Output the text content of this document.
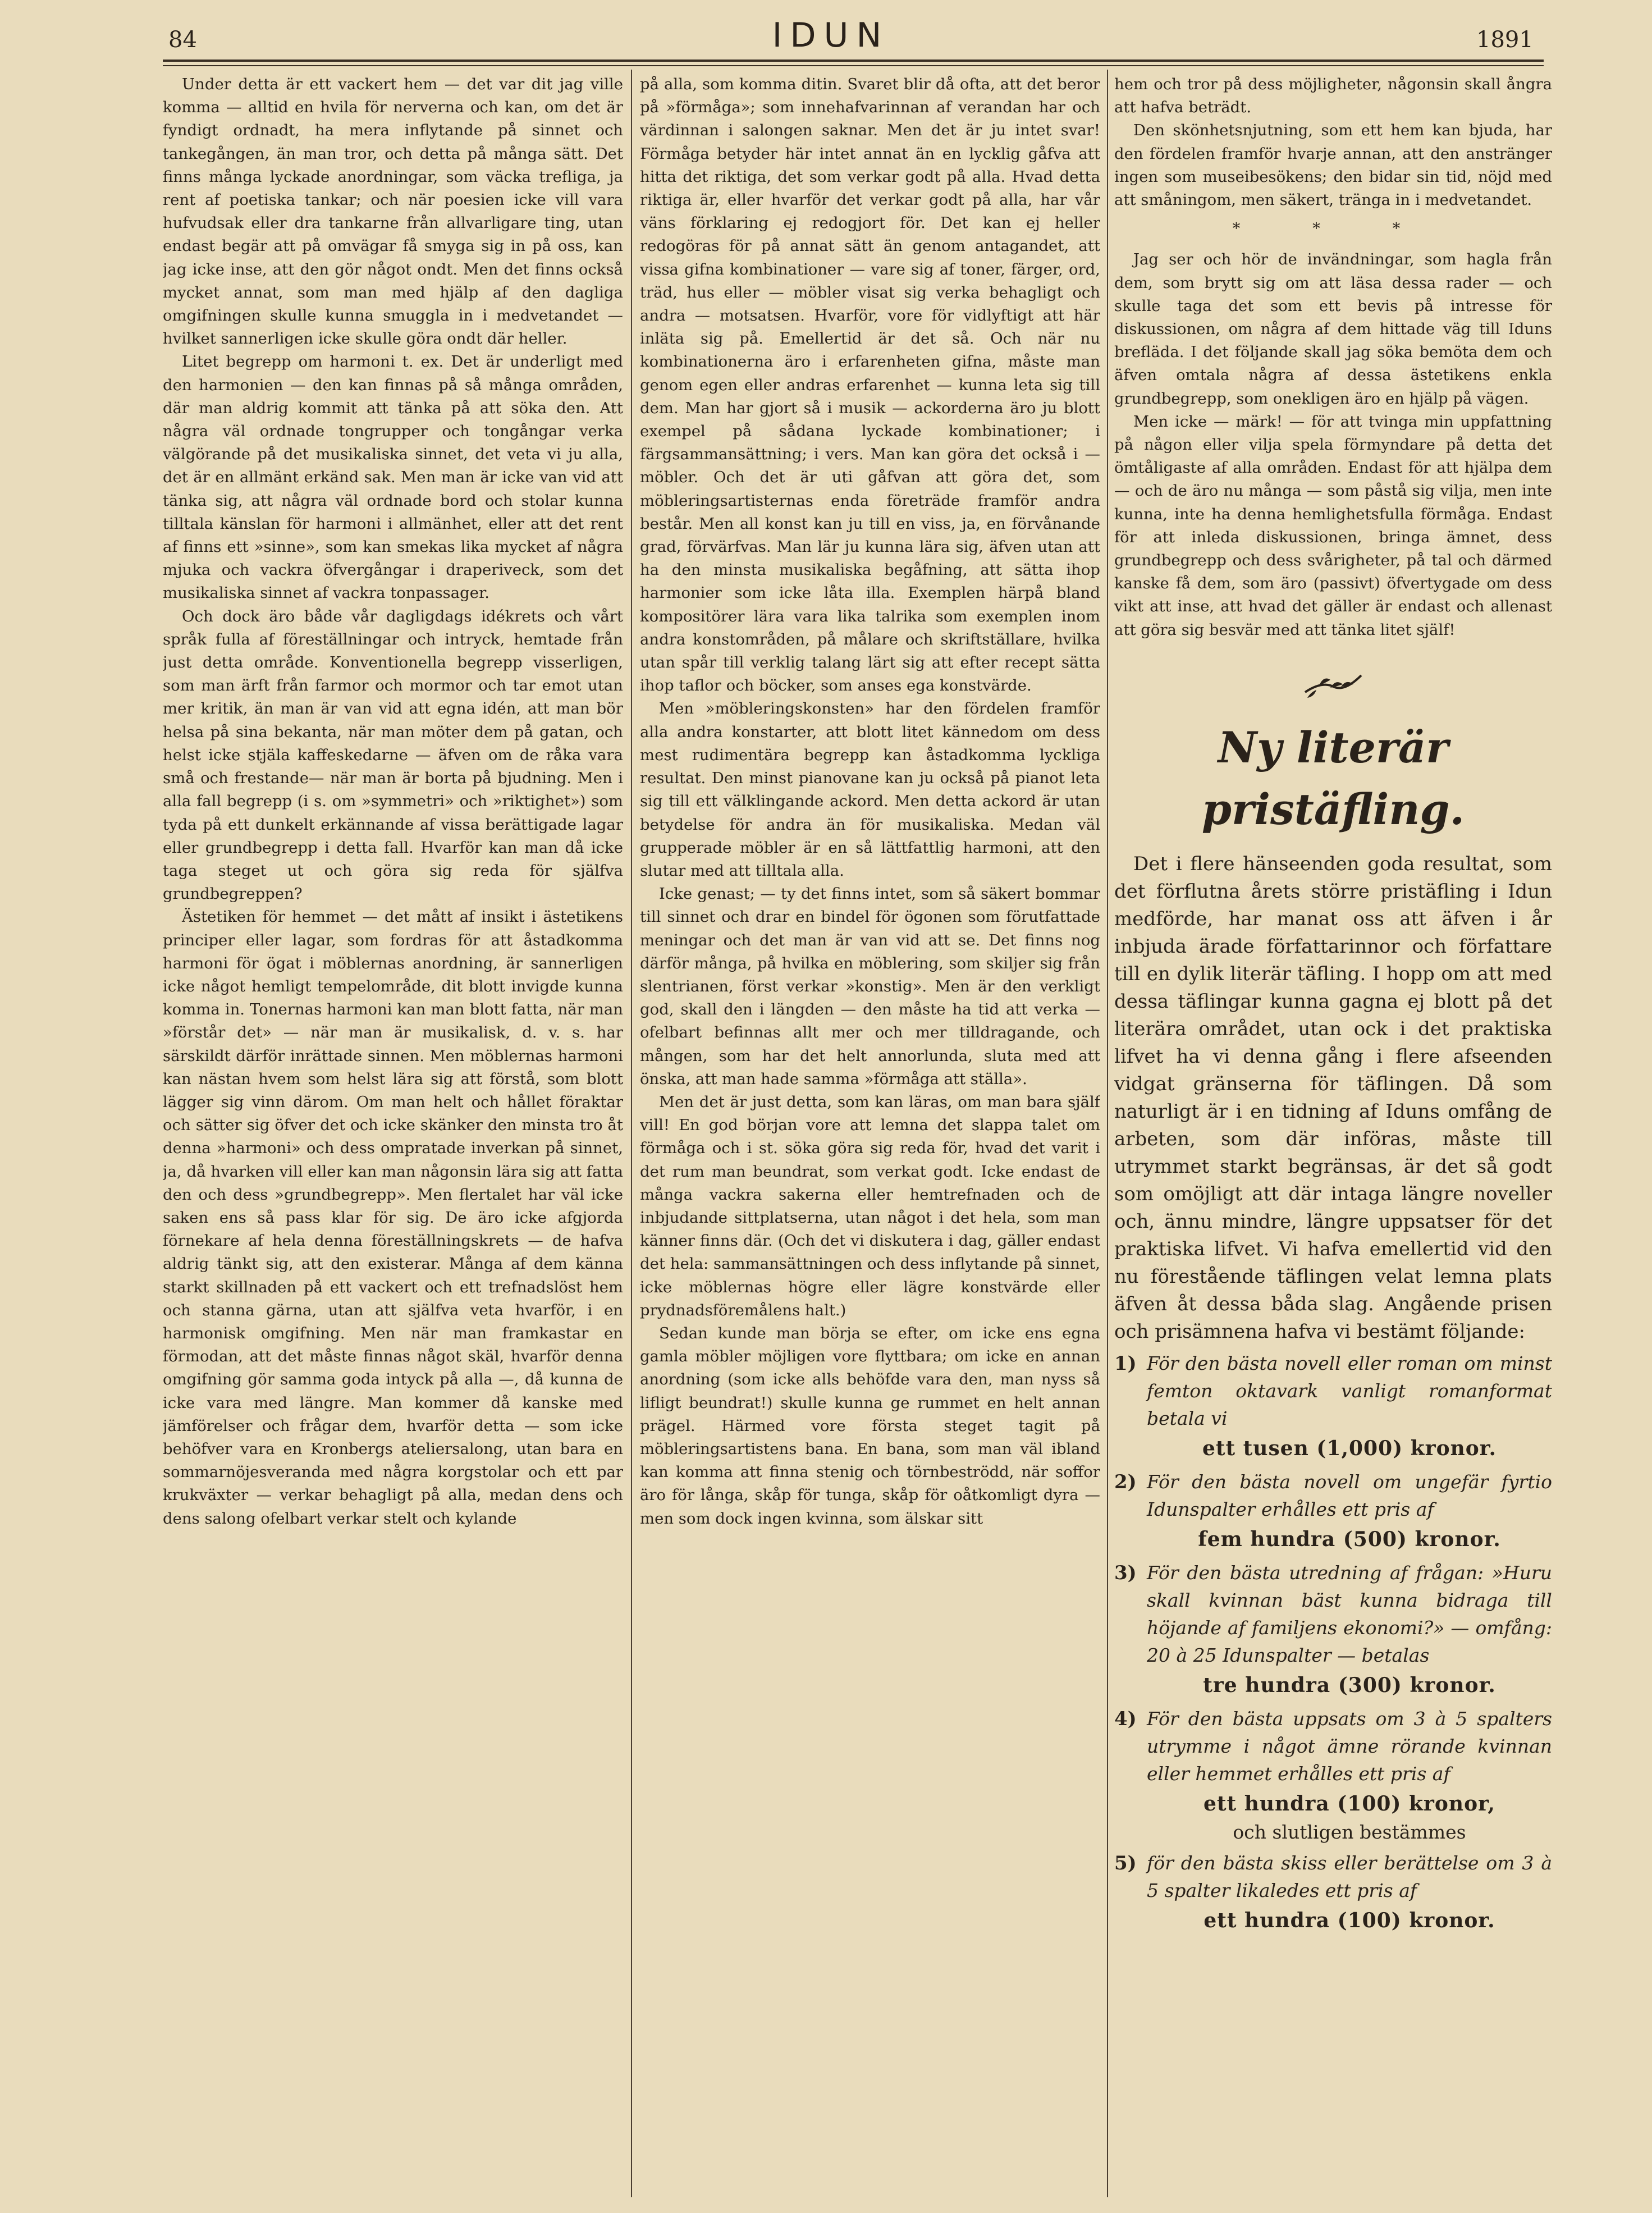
84	IDUN	1891

Under detta är ett vackert hem — det var dit jag ville komma — alltid en hvila för nerverna och kan, om det är fyndigt ordnadt, ha mera inflytande på sinnet och tankegången, än man tror, och detta på många sätt. Det finns många lyckade anordningar, som väcka trefliga, ja rent af poetiska tankar; och när poesien icke vill vara hufvudsak eller dra tankarne från allvarligare ting, utan endast begär att på omvägar få smyga sig in på oss, kan jag icke inse, att den gör något ondt. Men det finns också mycket annat, som man med hjälp af den dagliga omgifningen skulle kunna smuggla in i medvetandet — hvilket sannerligen icke skulle göra ondt där heller.

Litet begrepp om harmoni t. ex. Det är underligt med den harmonien — den kan finnas på så många områden, där man aldrig kommit att tänka på att söka den. Att några väl ordnade tongrupper och tongångar verka välgörande på det musikaliska sinnet, det veta vi ju alla, det är en allmänt erkänd sak. Men man är icke van vid att tänka sig, att några väl ordnade bord och stolar kunna tilltala känslan för harmoni i allmänhet, eller att det rent af finns ett »sinne», som kan smekas lika mycket af några mjuka och vackra öfvergångar i draperiveck, som det musikaliska sinnet af vackra tonpassager.

Och dock äro både vår dagligdags idékrets och vårt språk fulla af föreställningar och intryck, hemtade från just detta område. Konventionella begrepp visserligen, som man ärft från farmor och mormor och tar emot utan mer kritik, än man är van vid att egna idén, att man bör helsa på sina bekanta, när man möter dem på gatan, och helst icke stjäla kaffeskedarne — äfven om de råka vara små och frestande— när man är borta på bjudning. Men i alla fall begrepp (i s. om »symmetri» och »riktighet») som tyda på ett dunkelt erkännande af vissa berättigade lagar eller grundbegrepp i detta fall. Hvarför kan man då icke taga steget ut och göra sig reda för själfva grundbegreppen?

Ästetiken för hemmet — det mått af insikt i ästetikens principer eller lagar, som fordras för att åstadkomma harmoni för ögat i möblernas anordning, är sannerligen icke något hemligt tempelområde, dit blott invigde kunna komma in. Tonernas harmoni kan man blott fatta, när man »förstår det» — när man är musikalisk, d. v. s. har särskildt därför inrättade sinnen. Men möblernas harmoni kan nästan hvem som helst lära sig att förstå, som blott lägger sig vinn därom. Om man helt och hållet föraktar och sätter sig öfver det och icke skänker den minsta tro åt denna »harmoni» och dess ompratade inverkan på sinnet, ja, då hvarken vill eller kan man någonsin lära sig att fatta den och dess »grundbegrepp». Men flertalet har väl icke saken ens så pass klar för sig. De äro icke afgjorda förnekare af hela denna föreställningskrets — de hafva aldrig tänkt sig, att den existerar. Många af dem känna starkt skillnaden på ett vackert och ett trefnadslöst hem och stanna gärna, utan att själfva veta hvarför, i en harmonisk omgifning. Men när man framkastar en förmodan, att det måste finnas något skäl, hvarför denna omgifning gör samma goda intyck på alla —, då kunna de icke vara med längre. Man kommer då kanske med jämförelser och frågar dem, hvarför detta — som icke behöfver vara en Kronbergs ateliersalong, utan bara en sommarnöjesveranda med några korgstolar och ett par krukväxter — verkar behagligt på alla, medan dens och dens salong ofelbart verkar stelt och kylande

på alla, som komma ditin. Svaret blir då ofta, att det beror på »förmåga»; som innehafvarinnan af verandan har och värdinnan i salongen saknar. Men det är ju intet svar! Förmåga betyder här intet annat än en lycklig gåfva att hitta det riktiga, det som verkar godt på alla. Hvad detta riktiga är, eller hvarför det verkar godt på alla, har vår väns förklaring ej redogjort för. Det kan ej heller redogöras för på annat sätt än genom antagandet, att vissa gifna kombinationer — vare sig af toner, färger, ord, träd, hus eller — möbler visat sig verka behagligt och andra — motsatsen. Hvarför, vore för vidlyftigt att här inläta sig på. Emellertid är det så. Och när nu kombinationerna äro i erfarenheten gifna, måste man genom egen eller andras erfarenhet — kunna leta sig till dem. Man har gjort så i musik — ackorderna äro ju blott exempel på sådana lyckade kombinationer; i färgsammansättning; i vers. Man kan göra det också i — möbler. Och det är uti gåfvan att göra det, som möbleringsartisternas enda företräde framför andra består. Men all konst kan ju till en viss, ja, en förvånande grad, förvärfvas. Man lär ju kunna lära sig, äfven utan att ha den minsta musikaliska begåfning, att sätta ihop harmonier som icke låta illa. Exemplen härpå bland kompositörer lära vara lika talrika som exemplen inom andra konstområden, på målare och skriftställare, hvilka utan spår till verklig talang lärt sig att efter recept sätta ihop taflor och böcker, som anses ega konstvärde.

Men »möbleringskonsten» har den fördelen framför alla andra konstarter, att blott litet kännedom om dess mest rudimentära begrepp kan åstadkomma lyckliga resultat. Den minst pianovane kan ju också på pianot leta sig till ett välklingande ackord. Men detta ackord är utan betydelse för andra än för musikaliska. Medan väl grupperade möbler är en så lättfattlig harmoni, att den slutar med att tilltala alla.

Icke genast; — ty det finns intet, som så säkert bommar till sinnet och drar en bindel för ögonen som förutfattade meningar och det man är van vid att se. Det finns nog därför många, på hvilka en möblering, som skiljer sig från slentrianen, först verkar »konstig». Men är den verkligt god, skall den i längden — den måste ha tid att verka — ofelbart befinnas allt mer och mer tilldragande, och mången, som har det helt annorlunda, sluta med att önska, att man hade samma »förmåga att ställa».

Men det är just detta, som kan läras, om man bara själf vill! En god början vore att lemna det slappa talet om förmåga och i st. söka göra sig reda för, hvad det varit i det rum man beundrat, som verkat godt. Icke endast de många vackra sakerna eller hemtrefnaden och de inbjudande sittplatserna, utan något i det hela, som man känner finns där. (Och det vi diskutera i dag, gäller endast det hela: sammansättningen och dess inflytande på sinnet, icke möblernas högre eller lägre konstvärde eller prydnadsföremålens halt.)

Sedan kunde man börja se efter, om icke ens egna gamla möbler möjligen vore flyttbara; om icke en annan anordning (som icke alls behöfde vara den, man nyss så lifligt beundrat!) skulle kunna ge rummet en helt annan prägel. Härmed vore första steget tagit på möbleringsartistens bana. En bana, som man väl ibland kan komma att finna stenig och törnbeströdd, när soffor äro för långa, skåp för tunga, skåp för oåtkomligt dyra — men som dock ingen kvinna, som älskar sitt

hem och tror på dess möjligheter, någonsin skall ångra att hafva beträdt.

Den skönhetsnjutning, som ett hem kan bjuda, har den fördelen framför hvarje annan, att den anstränger ingen som museibesökens; den bidar sin tid, nöjd med att småningom, men säkert, tränga in i medvetandet.

* * *

Jag ser och hör de invändningar, som hagla från dem, som brytt sig om att läsa dessa rader — och skulle taga det som ett bevis på intresse för diskussionen, om några af dem hittade väg till Iduns brefläda. I det följande skall jag söka bemöta dem och äfven omtala några af dessa ästetikens enkla grundbegrepp, som onekligen äro en hjälp på vägen.

Men icke — märk! — för att tvinga min uppfattning på någon eller vilja spela förmyndare på detta det ömtåligaste af alla områden. Endast för att hjälpa dem — och de äro nu många — som påstå sig vilja, men inte kunna, inte ha denna hemlighetsfulla förmåga. Endast för att inleda diskussionen, bringa ämnet, dess grundbegrepp och dess svårigheter, på tal och därmed kanske få dem, som äro (passivt) öfvertygade om dess vikt att inse, att hvad det gäller är endast och allenast att göra sig besvär med att tänka litet själf!

Ny literär pristäfling.

Det i flere hänseenden goda resultat, som det förflutna årets större pristäfling i Idun medförde, har manat oss att äfven i år inbjuda ärade författarinnor och författare till en dylik literär täfling. I hopp om att med dessa täflingar kunna gagna ej blott på det literära området, utan ock i det praktiska lifvet ha vi denna gång i flere afseenden vidgat gränserna för täflingen. Då som naturligt är i en tidning af Iduns omfång de arbeten, som där införas, måste till utrymmet starkt begränsas, är det så godt som omöjligt att där intaga längre noveller och, ännu mindre, längre uppsatser för det praktiska lifvet. Vi hafva emellertid vid den nu förestående täflingen velat lemna plats äfven åt dessa båda slag. Angående prisen och prisämnena hafva vi bestämt följande:

1) För den bästa novell eller roman om minst femton oktavark vanligt romanformat betala vi
ett tusen (1,000) kronor.
2) För den bästa novell om ungefär fyrtio Idunspalter erhålles ett pris af
fem hundra (500) kronor.
3) För den bästa utredning af frågan: »Huru skall kvinnan bäst kunna bidraga till höjande af familjens ekonomi?» — omfång: 20 à 25 Idunspalter — betalas
tre hundra (300) kronor.
4) För den bästa uppsats om 3 à 5 spalters utrymme i något ämne rörande kvinnan eller hemmet erhålles ett pris af
ett hundra (100) kronor,
och slutligen bestämmes
5) för den bästa skiss eller berättelse om 3 à 5 spalter likaledes ett pris af
ett hundra (100) kronor.
